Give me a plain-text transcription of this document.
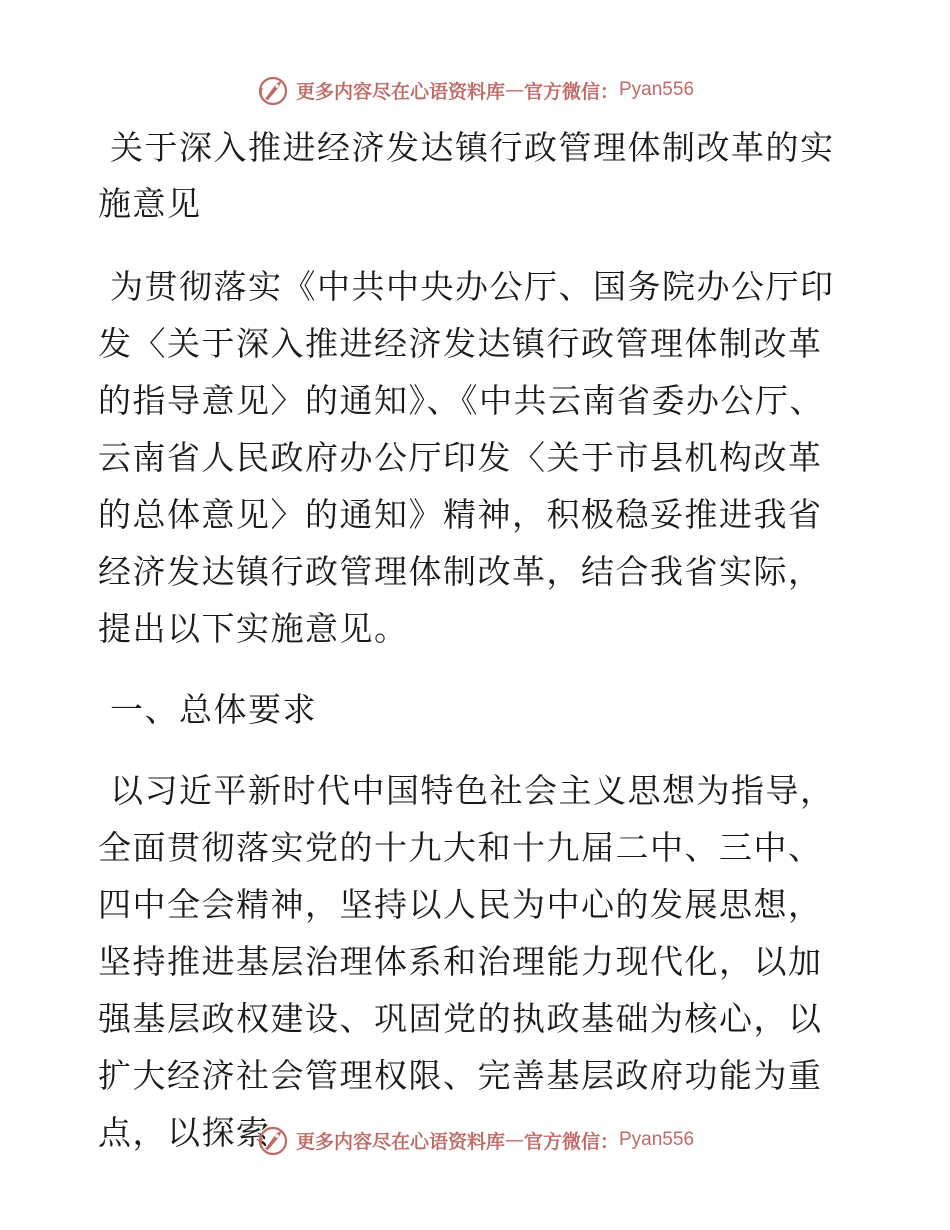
更多内容尽在心语资料库 — 官方微信： Pyan556
关于深入推进经济发达镇行政管理体制改革的实施意见

为贯彻落实《中共中央办公厅、国务院办公厅印发〈关于深入推进经济发达镇行政管理体制改革的指导意见〉的通知》、《中共云南省委办公厅、云南省人民政府办公厅印发〈关于市县机构改革的总体意见〉的通知》精神，积极稳妥推进我省经济发达镇行政管理体制改革，结合我省实际，提出以下实施意见。

一、总体要求

以习近平新时代中国特色社会主义思想为指导，全面贯彻落实党的十九大和十九届二中、三中、四中全会精神，坚持以人民为中心的发展思想，坚持推进基层治理体系和治理能力现代化，以加强基层政权建设、巩固党的执政基础为核心，以扩大经济社会管理权限、完善基层政府功能为重点，以探索	更多内容尽在心语资料库 — 官方微信： Pyan556
